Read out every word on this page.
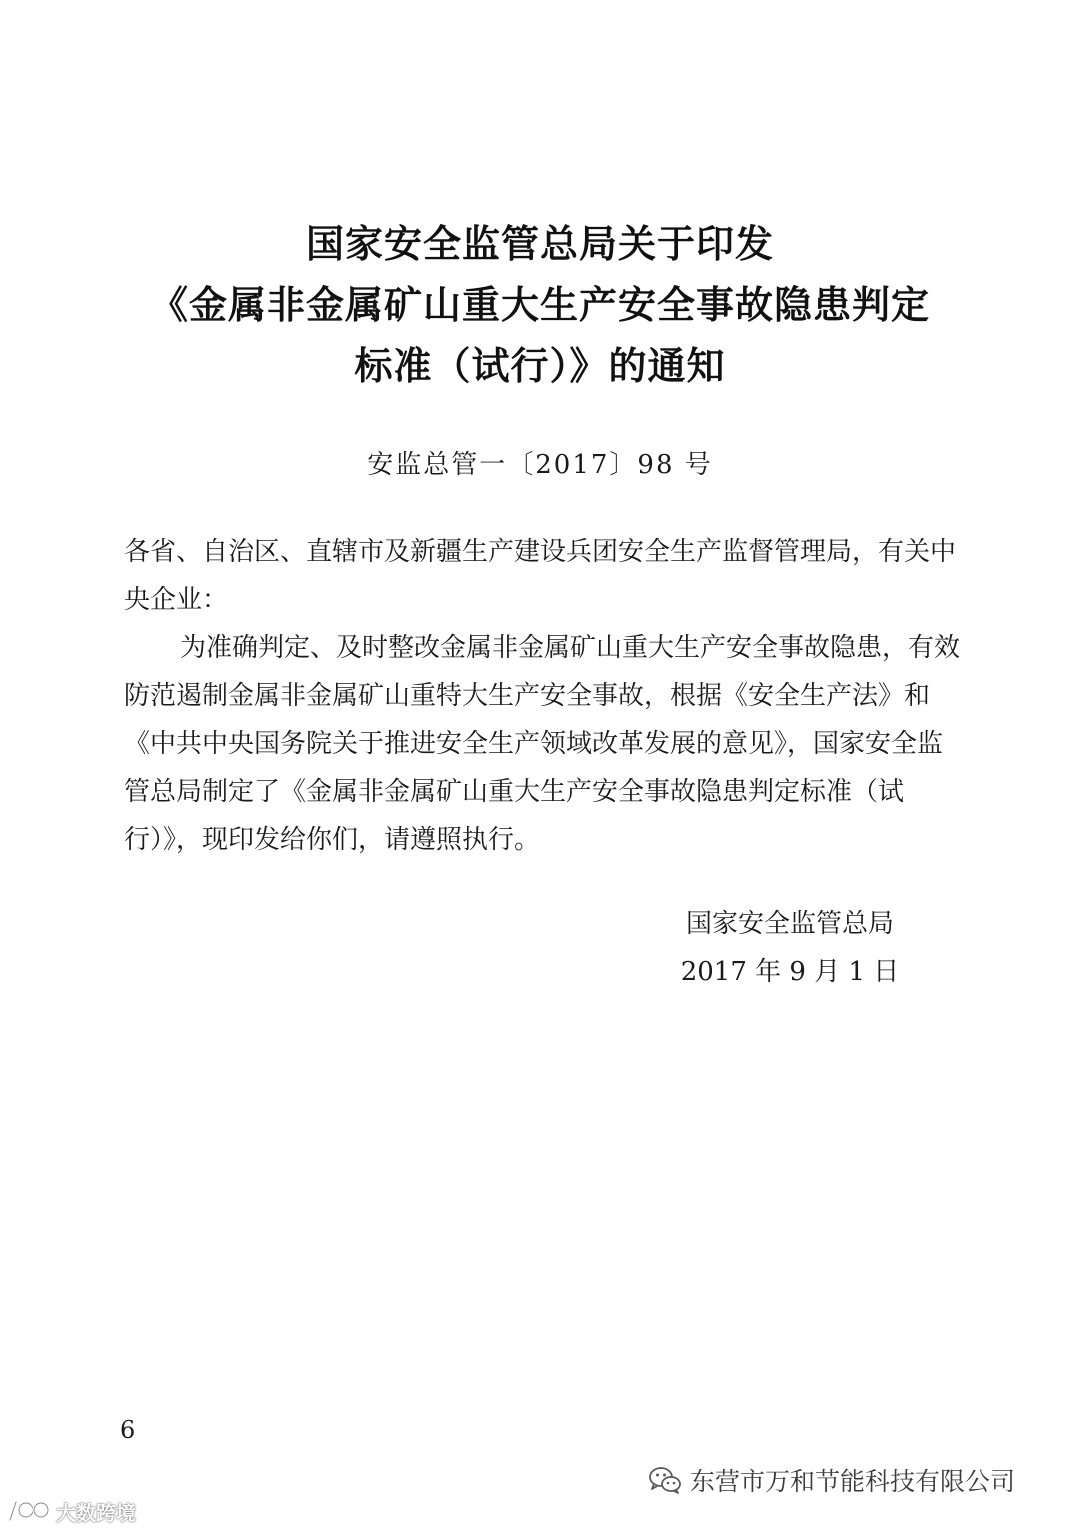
国家安全监管总局关于印发
《金属非金属矿山重大生产安全事故隐患判定
标准（试行）》的通知
安监总管一〔2017〕98 号

各省、自治区、直辖市及新疆生产建设兵团安全生产监督管理局，有关中央企业：

为准确判定、及时整改金属非金属矿山重大生产安全事故隐患，有效防范遏制金属非金属矿山重特大生产安全事故，根据《安全生产法》和《中共中央国务院关于推进安全生产领域改革发展的意见》，国家安全监管总局制定了《金属非金属矿山重大生产安全事故隐患判定标准（试行）》，现印发给你们，请遵照执行。

国家安全监管总局
2017 年 9 月 1 日
6
东营市万和节能科技有限公司
大数跨境
